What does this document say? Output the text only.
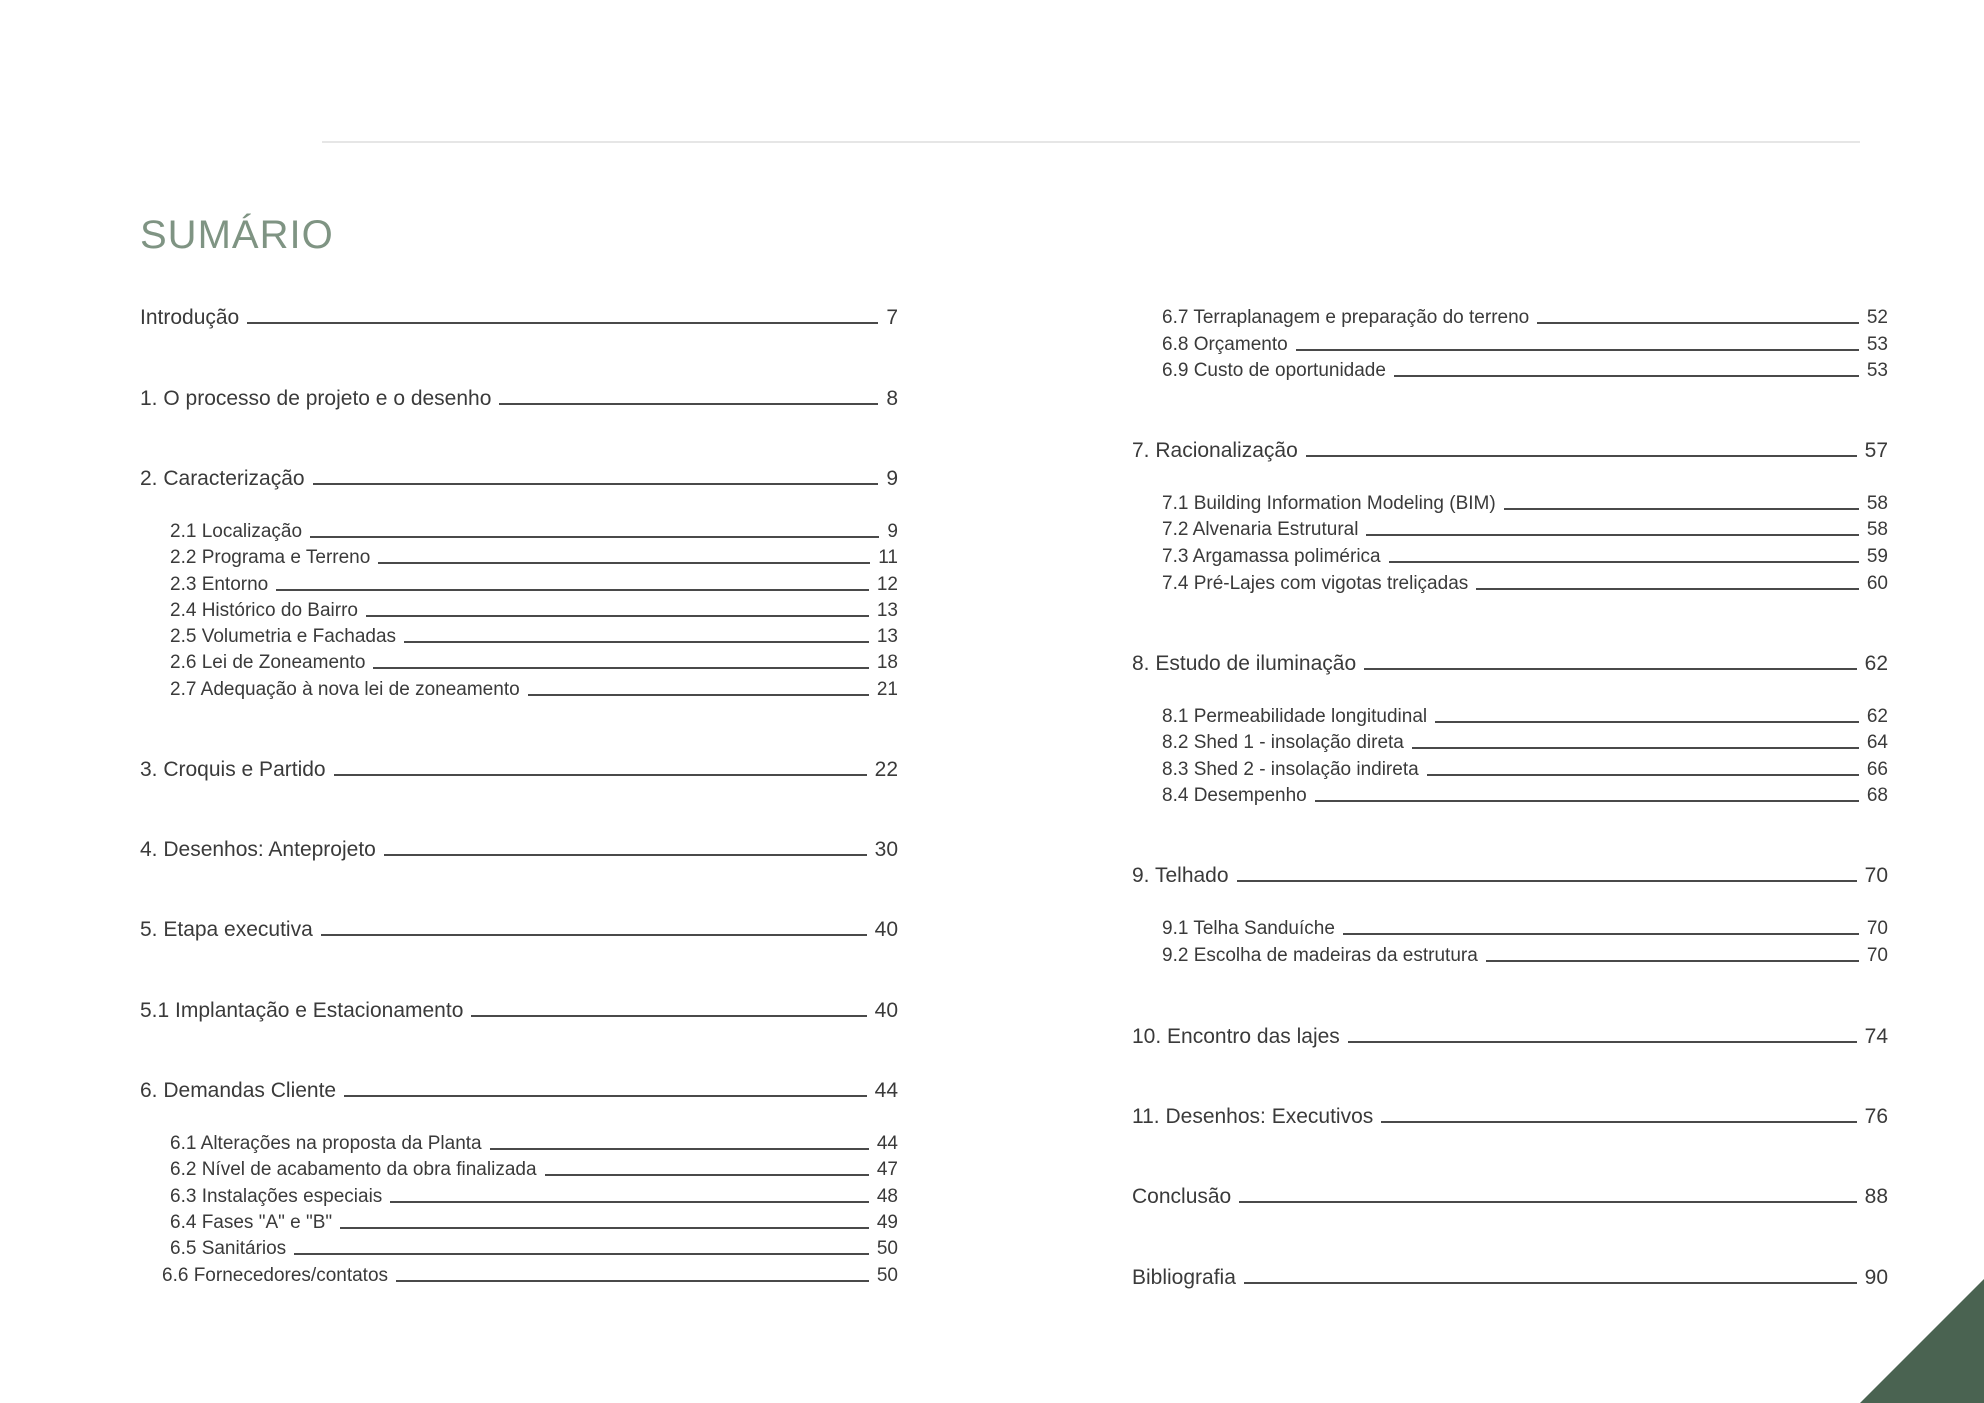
SUMÁRIO
Introdução	7
1. O processo de projeto e o desenho	8
2. Caracterização	9
2.1 Localização	9
2.2 Programa e Terreno	11
2.3 Entorno	12
2.4 Histórico do Bairro	13
2.5 Volumetria e Fachadas	13
2.6 Lei de Zoneamento	18
2.7 Adequação à nova lei de zoneamento	21
3. Croquis e Partido	22
4. Desenhos: Anteprojeto	30
5. Etapa executiva	40
5.1 Implantação e Estacionamento	40
6. Demandas Cliente	44
6.1 Alterações na proposta da Planta	44
6.2 Nível de acabamento da obra finalizada	47
6.3 Instalações especiais	48
6.4 Fases "A" e "B"	49
6.5 Sanitários	50
6.6 Fornecedores/contatos	50
6.7 Terraplanagem e preparação do terreno	52
6.8 Orçamento	53
6.9 Custo de oportunidade	53
7. Racionalização	57
7.1 Building Information Modeling (BIM)	58
7.2 Alvenaria Estrutural	58
7.3 Argamassa polimérica	59
7.4 Pré-Lajes com vigotas treliçadas	60
8. Estudo de iluminação	62
8.1 Permeabilidade longitudinal	62
8.2 Shed 1 - insolação direta	64
8.3 Shed 2 - insolação indireta	66
8.4 Desempenho	68
9. Telhado	70
9.1 Telha Sanduíche	70
9.2 Escolha de madeiras da estrutura	70
10. Encontro das lajes	74
11. Desenhos: Executivos	76
Conclusão	88
Bibliografia	90
